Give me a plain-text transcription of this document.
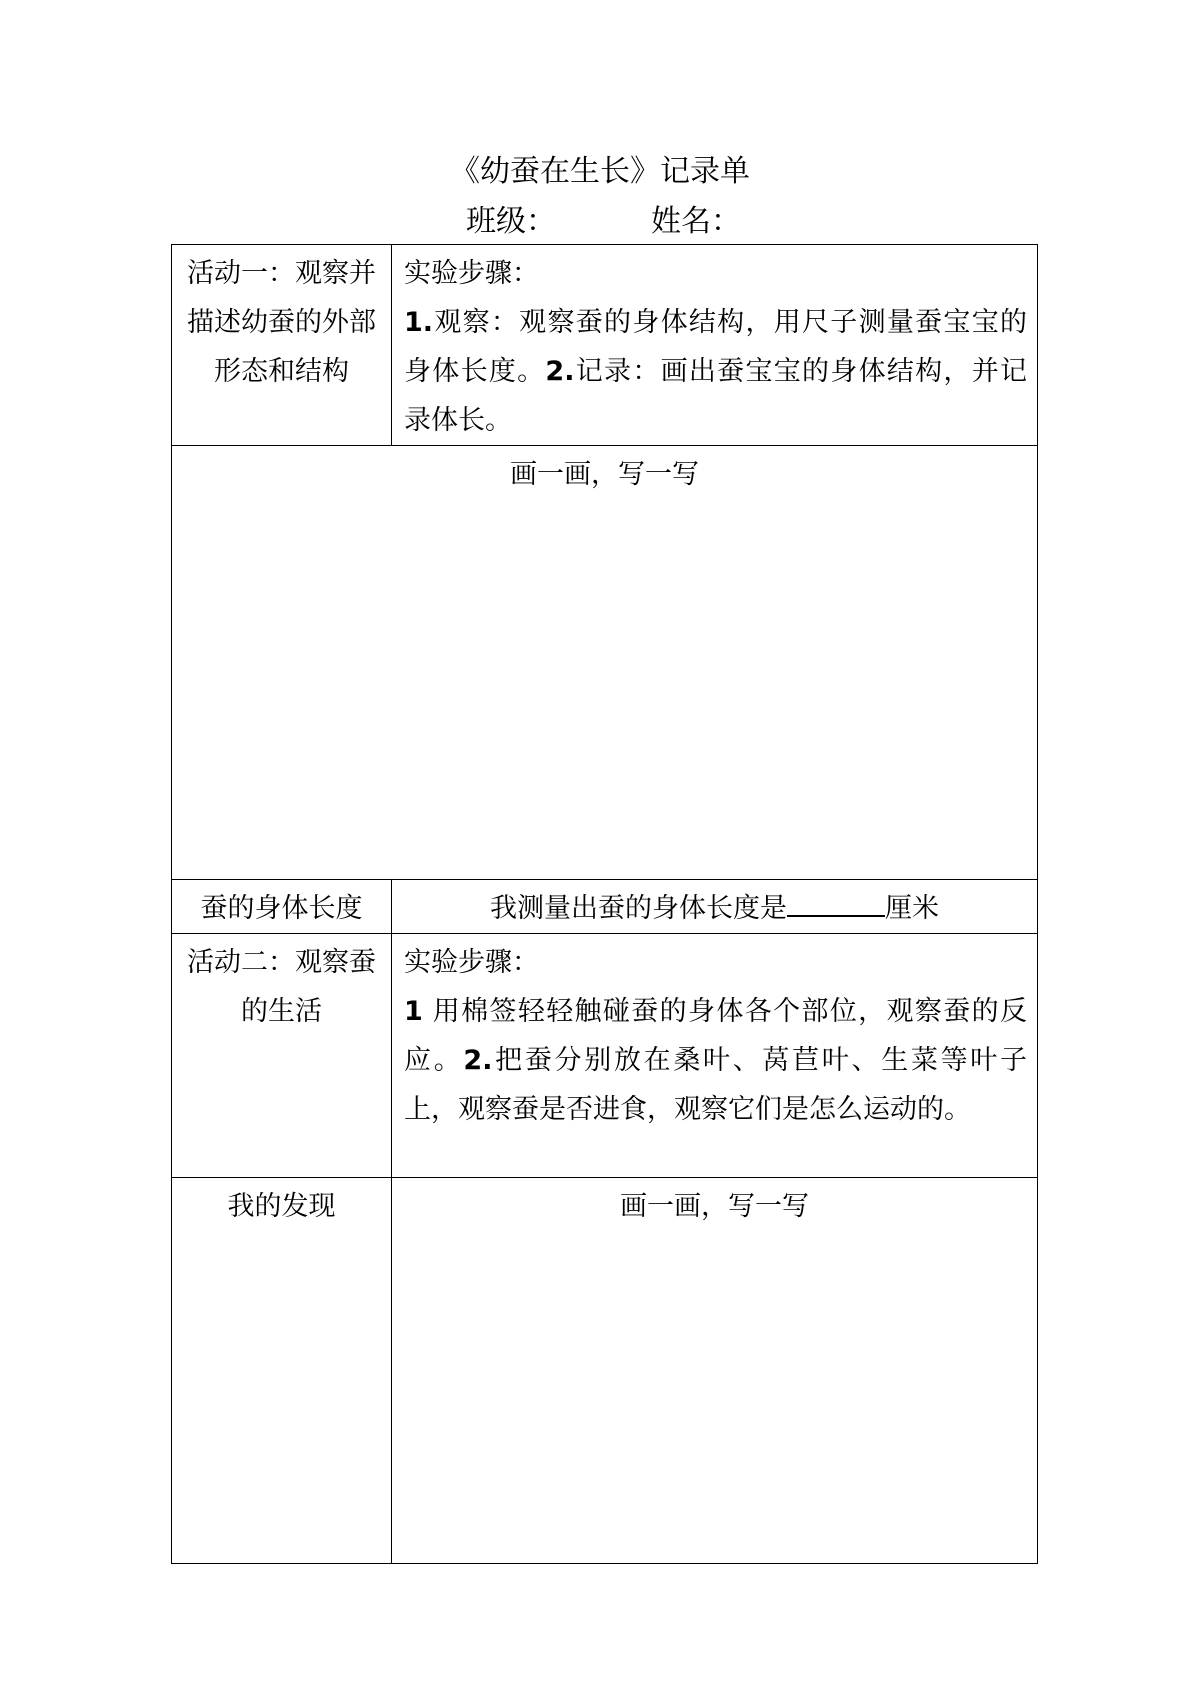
《幼蚕在生长》记录单
班级：	姓名：
活动一：观察并描述幼蚕的外部形态和结构	实验步骤：
1.观察：观察蚕的身体结构，用尺子测量蚕宝宝的身体长度。2.记录：画出蚕宝宝的身体结构，并记录体长。

画一画，写一写	
蚕的身体长度	我测量出蚕的身体长度是 厘米
活动二：观察蚕的生活	实验步骤：
1 用棉签轻轻触碰蚕的身体各个部位，观察蚕的反应。2.把蚕分别放在桑叶、莴苣叶、生菜等叶子上，观察蚕是否进食，观察它们是怎么运动的。

我的发现	画一画，写一写
